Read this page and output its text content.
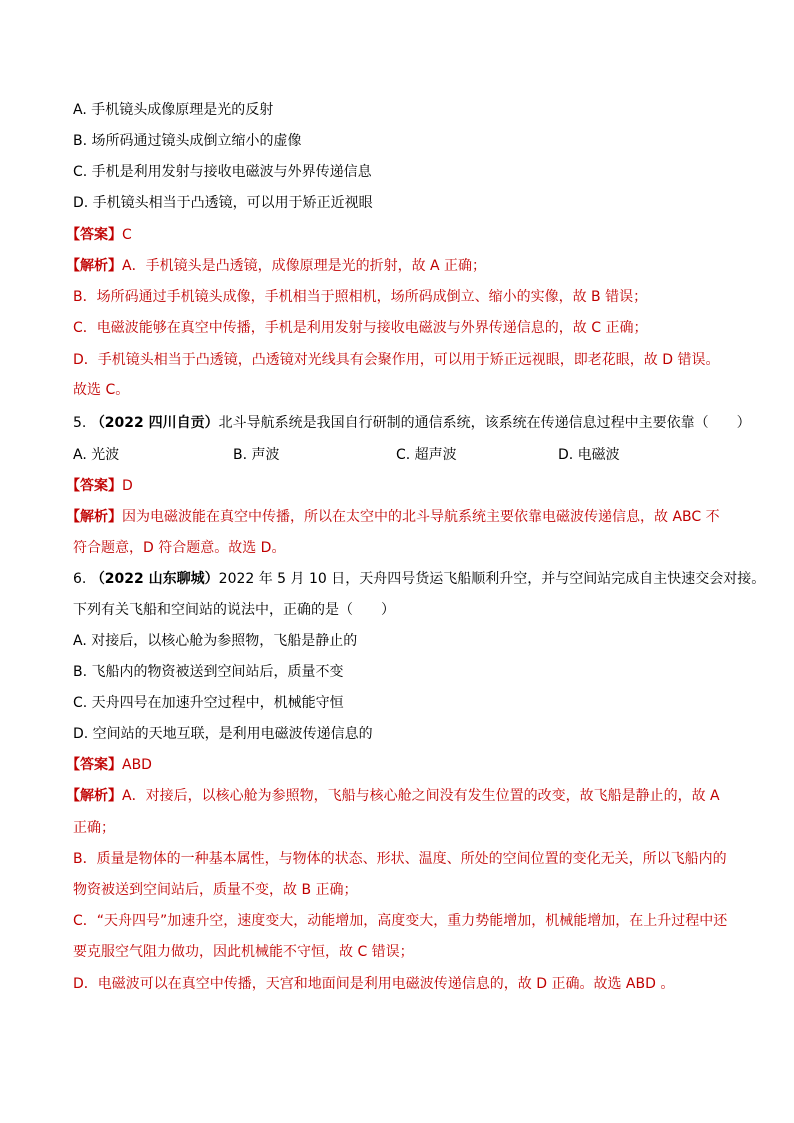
A. 手机镜头成像原理是光的反射
B. 场所码通过镜头成倒立缩小的虚像
C. 手机是利用发射与接收电磁波与外界传递信息
D. 手机镜头相当于凸透镜，可以用于矫正近视眼
【答案】C
【解析】A．手机镜头是凸透镜，成像原理是光的折射，故 A 正确；
B．场所码通过手机镜头成像，手机相当于照相机，场所码成倒立、缩小的实像，故 B 错误；
C．电磁波能够在真空中传播，手机是利用发射与接收电磁波与外界传递信息的，故 C 正确；
D．手机镜头相当于凸透镜，凸透镜对光线具有会聚作用，可以用于矫正远视眼，即老花眼，故 D 错误。
故选 C。
5. （2022 四川自贡）北斗导航系统是我国自行研制的通信系统，该系统在传递信息过程中主要依靠（　　）
A. 光波	B. 声波	C. 超声波	D. 电磁波
【答案】D
【解析】因为电磁波能在真空中传播，所以在太空中的北斗导航系统主要依靠电磁波传递信息，故 ABC 不
符合题意，D 符合题意。故选 D。
6. （2022 山东聊城）2022 年 5 月 10 日，天舟四号货运飞船顺利升空，并与空间站完成自主快速交会对接。
下列有关飞船和空间站的说法中，正确的是（　　）
A. 对接后，以核心舱为参照物，飞船是静止的
B. 飞船内的物资被送到空间站后，质量不变
C. 天舟四号在加速升空过程中，机械能守恒
D. 空间站的天地互联，是利用电磁波传递信息的
【答案】ABD
【解析】A．对接后，以核心舱为参照物，飞船与核心舱之间没有发生位置的改变，故飞船是静止的，故 A
正确；
B．质量是物体的一种基本属性，与物体的状态、形状、温度、所处的空间位置的变化无关，所以飞船内的
物资被送到空间站后，质量不变，故 B 正确；
C．“天舟四号”加速升空，速度变大，动能增加，高度变大，重力势能增加，机械能增加，在上升过程中还
要克服空气阻力做功，因此机械能不守恒，故 C 错误；
D．电磁波可以在真空中传播，天宫和地面间是利用电磁波传递信息的，故 D 正确。故选 ABD 。
